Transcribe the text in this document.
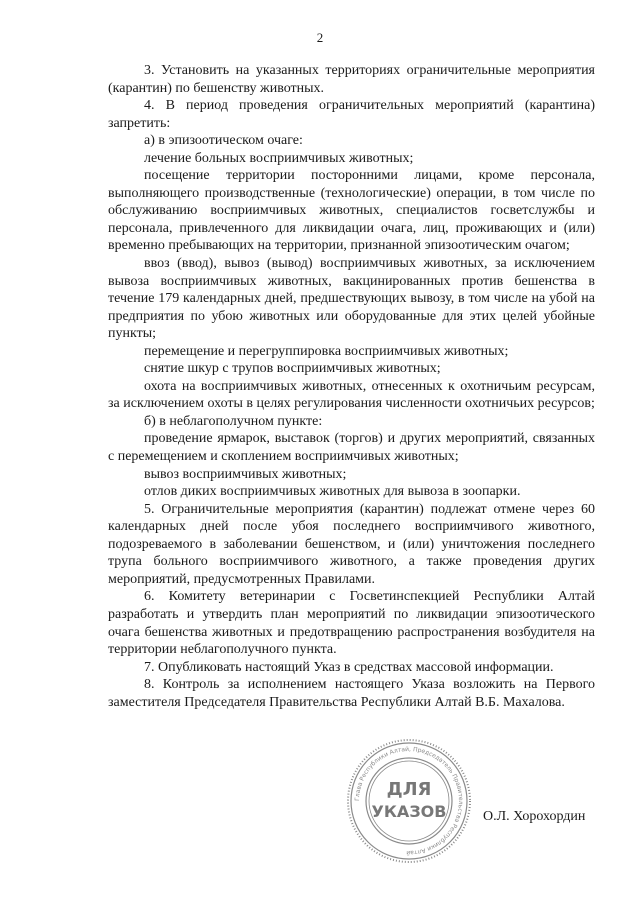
2

3. Установить на указанных территориях ограничительные мероприятия (карантин) по бешенству животных.

4. В период проведения ограничительных мероприятий (карантина) запретить:

а) в эпизоотическом очаге:

лечение больных восприимчивых животных;

посещение территории посторонними лицами, кроме персонала, выполняющего производственные (технологические) операции, в том числе по обслуживанию восприимчивых животных, специалистов госветслужбы и персонала, привлеченного для ликвидации очага, лиц, проживающих и (или) временно пребывающих на территории, признанной эпизоотическим очагом;

ввоз (ввод), вывоз (вывод) восприимчивых животных, за исключением вывоза восприимчивых животных, вакцинированных против бешенства в течение 179 календарных дней, предшествующих вывозу, в том числе на убой на предприятия по убою животных или оборудованные для этих целей убойные пункты;

перемещение и перегруппировка восприимчивых животных;

снятие шкур с трупов восприимчивых животных;

охота на восприимчивых животных, отнесенных к охотничьим ресурсам, за исключением охоты в целях регулирования численности охотничьих ресурсов;

б) в неблагополучном пункте:

проведение ярмарок, выставок (торгов) и других мероприятий, связанных с перемещением и скоплением восприимчивых животных;

вывоз восприимчивых животных;

отлов диких восприимчивых животных для вывоза в зоопарки.

5. Ограничительные мероприятия (карантин) подлежат отмене через 60 календарных дней после убоя последнего восприимчивого животного, подозреваемого в заболевании бешенством, и (или) уничтожения последнего трупа больного восприимчивого животного, а также проведения других мероприятий, предусмотренных Правилами.

6. Комитету ветеринарии с Госветинспекцией Республики Алтай разработать и утвердить план мероприятий по ликвидации эпизоотического очага бешенства животных и предотвращению распространения возбудителя на территории неблагополучного пункта.

7. Опубликовать настоящий Указ в средствах массовой информации.

8. Контроль за исполнением настоящего Указа возложить на Первого заместителя Председателя Правительства Республики Алтай В.Б. Махалова.

Глава Республики Алтай, Председатель Правительства Республики Алтай
ДЛЯ
УКАЗОВ	О.Л. Хорохордин
